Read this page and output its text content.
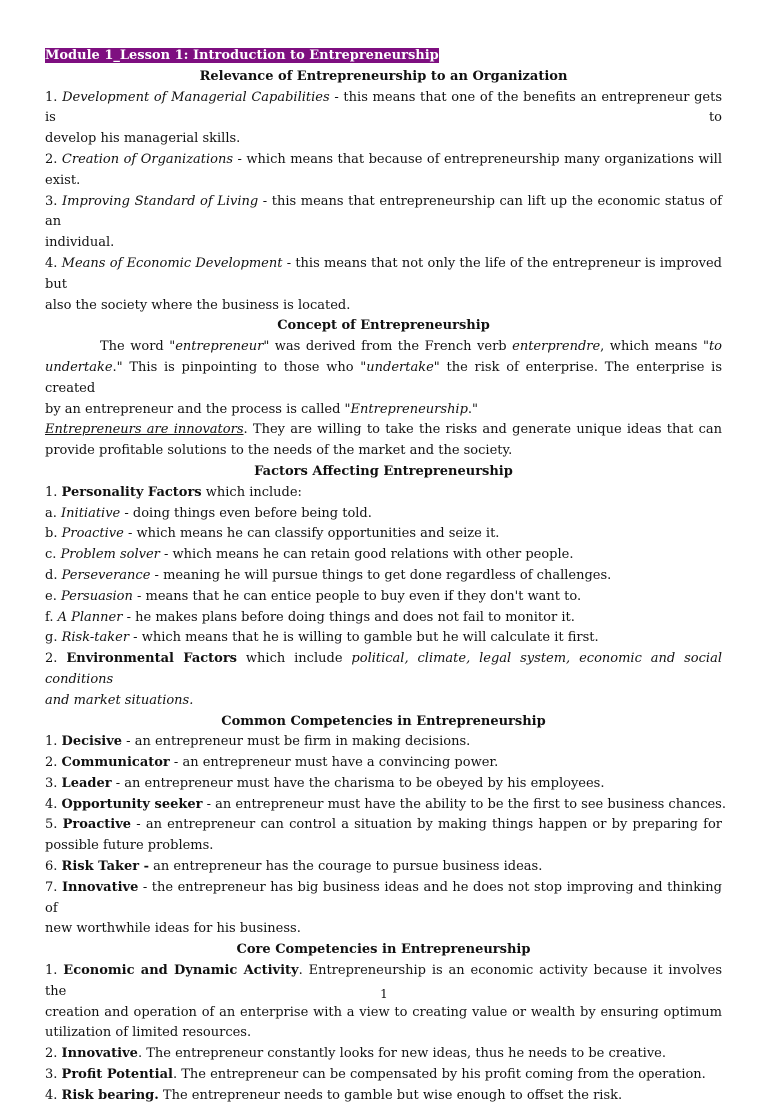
Module 1_Lesson 1: Introduction to Entrepreneurship

Relevance of Entrepreneurship to an Organization

1. Development of Managerial Capabilities - this means that one of the benefits an entrepreneur gets is to

develop his managerial skills.

2. Creation of Organizations - which means that because of entrepreneurship many organizations will

exist.

3. Improving Standard of Living - this means that entrepreneurship can lift up the economic status of an

individual.

4. Means of Economic Development - this means that not only the life of the entrepreneur is improved but

also the society where the business is located.

Concept of Entrepreneurship

The word "entrepreneur" was derived from the French verb enterprendre, which means "to

undertake." This is pinpointing to those who "undertake" the risk of enterprise. The enterprise is created

by an entrepreneur and the process is called "Entrepreneurship."

Entrepreneurs are innovators. They are willing to take the risks and generate unique ideas that can

provide profitable solutions to the needs of the market and the society.

Factors Affecting Entrepreneurship

1. Personality Factors which include:

a. Initiative - doing things even before being told.

b. Proactive - which means he can classify opportunities and seize it.

c. Problem solver - which means he can retain good relations with other people.

d. Perseverance - meaning he will pursue things to get done regardless of challenges.

e. Persuasion - means that he can entice people to buy even if they don't want to.

f. A Planner - he makes plans before doing things and does not fail to monitor it.

g. Risk-taker - which means that he is willing to gamble but he will calculate it first.

2. Environmental Factors which include political, climate, legal system, economic and social conditions

and market situations.

Common Competencies in Entrepreneurship

1. Decisive - an entrepreneur must be firm in making decisions.

2. Communicator - an entrepreneur must have a convincing power.

3. Leader - an entrepreneur must have the charisma to be obeyed by his employees.

4. Opportunity seeker - an entrepreneur must have the ability to be the first to see business chances.

5. Proactive - an entrepreneur can control a situation by making things happen or by preparing for

possible future problems.

6. Risk Taker - an entrepreneur has the courage to pursue business ideas.

7. Innovative - the entrepreneur has big business ideas and he does not stop improving and thinking of

new worthwhile ideas for his business.

Core Competencies in Entrepreneurship

1. Economic and Dynamic Activity. Entrepreneurship is an economic activity because it involves the

creation and operation of an enterprise with a view to creating value or wealth by ensuring optimum

utilization of limited resources.

2. Innovative. The entrepreneur constantly looks for new ideas, thus he needs to be creative.

3. Profit Potential. The entrepreneur can be compensated by his profit coming from the operation.

4. Risk bearing. The entrepreneur needs to gamble but wise enough to offset the risk.

1
